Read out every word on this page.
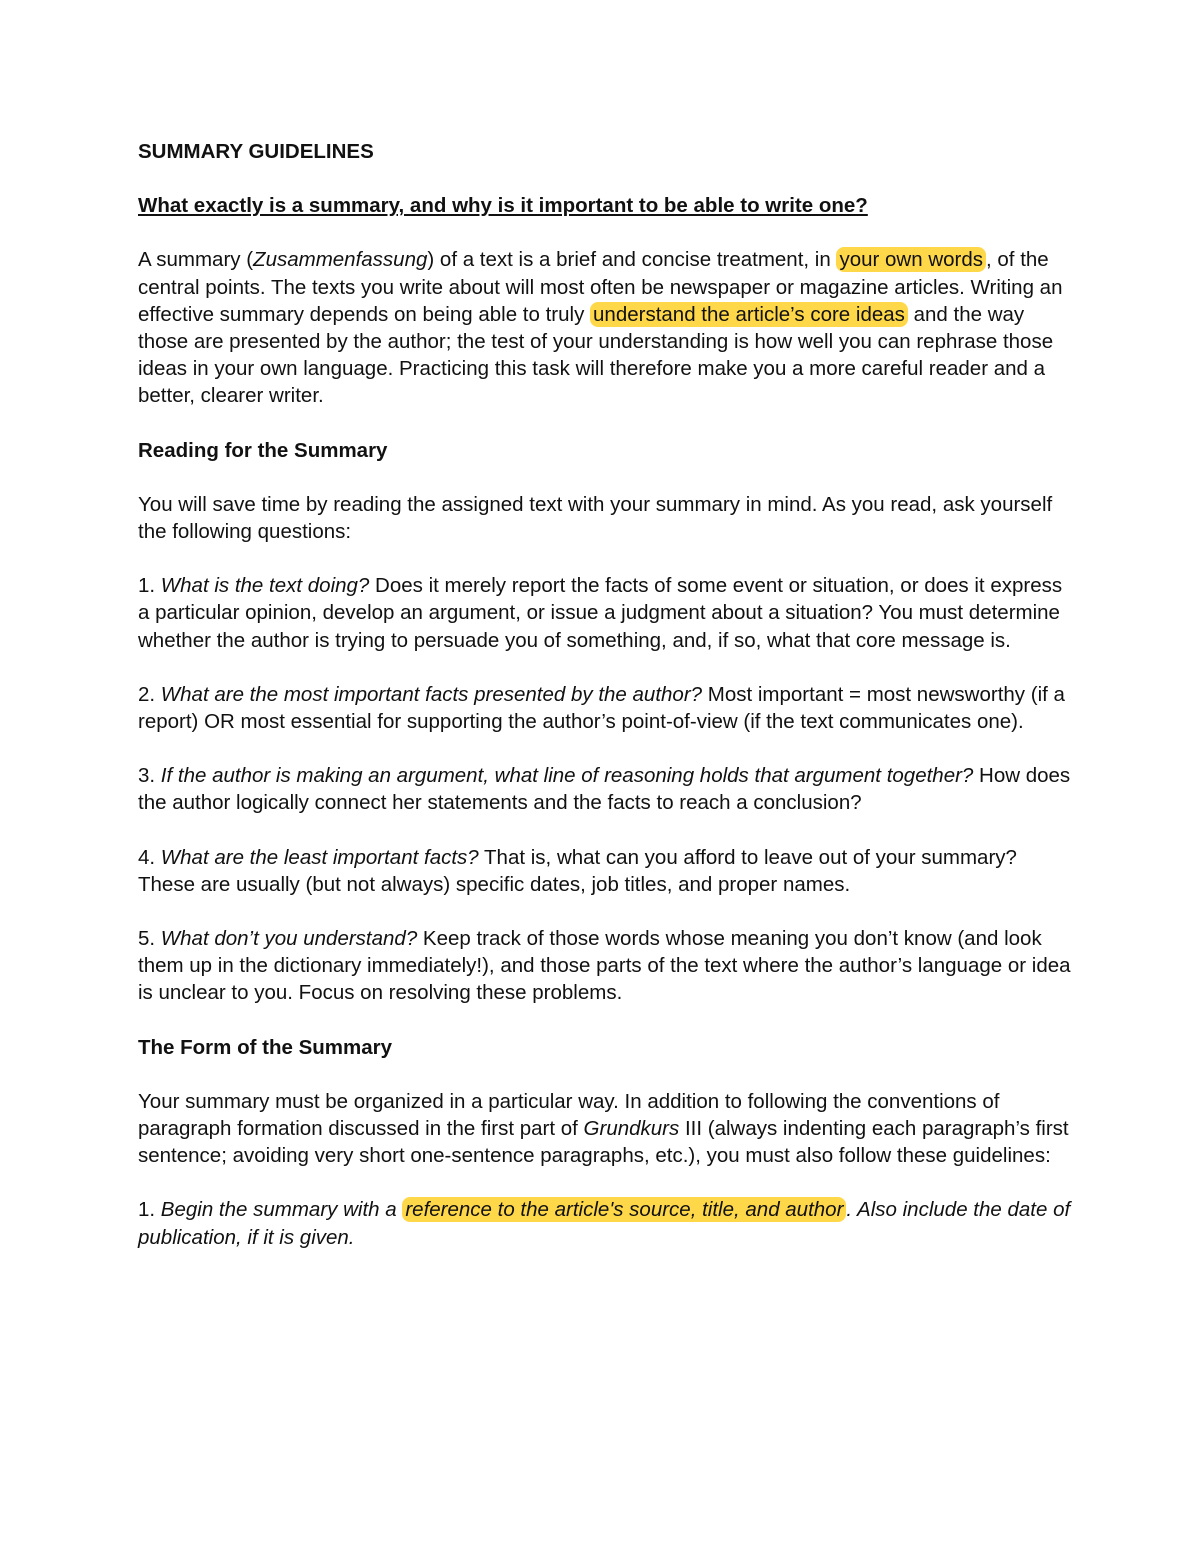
SUMMARY GUIDELINES
What exactly is a summary, and why is it important to be able to write one?

A summary (Zusammenfassung) of a text is a brief and concise treatment, in your own words , of the central points. The texts you write about will most often be newspaper or magazine articles. Writing an effective summary depends on being able to truly understand the article’s core ideas and the way those are presented by the author; the test of your understanding is how well you can rephrase those ideas in your own language. Practicing this task will therefore make you a more careful reader and a better, clearer writer.

Reading for the Summary

You will save time by reading the assigned text with your summary in mind. As you read, ask yourself the following questions:

1. What is the text doing? Does it merely report the facts of some event or situation, or does it express a particular opinion, develop an argument, or issue a judgment about a situation? You must determine whether the author is trying to persuade you of something, and, if so, what that core message is.

2. What are the most important facts presented by the author? Most important = most newsworthy (if a report) OR most essential for supporting the author’s point-of-view (if the text communicates one).

3. If the author is making an argument, what line of reasoning holds that argument together? How does the author logically connect her statements and the facts to reach a conclusion?

4. What are the least important facts? That is, what can you afford to leave out of your summary? These are usually (but not always) specific dates, job titles, and proper names.

5. What don’t you understand? Keep track of those words whose meaning you don’t know (and look them up in the dictionary immediately!), and those parts of the text where the author’s language or idea is unclear to you. Focus on resolving these problems.

The Form of the Summary

Your summary must be organized in a particular way. In addition to following the conventions of paragraph formation discussed in the first part of Grundkurs III (always indenting each paragraph’s first sentence; avoiding very short one-sentence paragraphs, etc.), you must also follow these guidelines:

1. Begin the summary with a reference to the article's source, title, and author . Also include the date of publication, if it is given.
